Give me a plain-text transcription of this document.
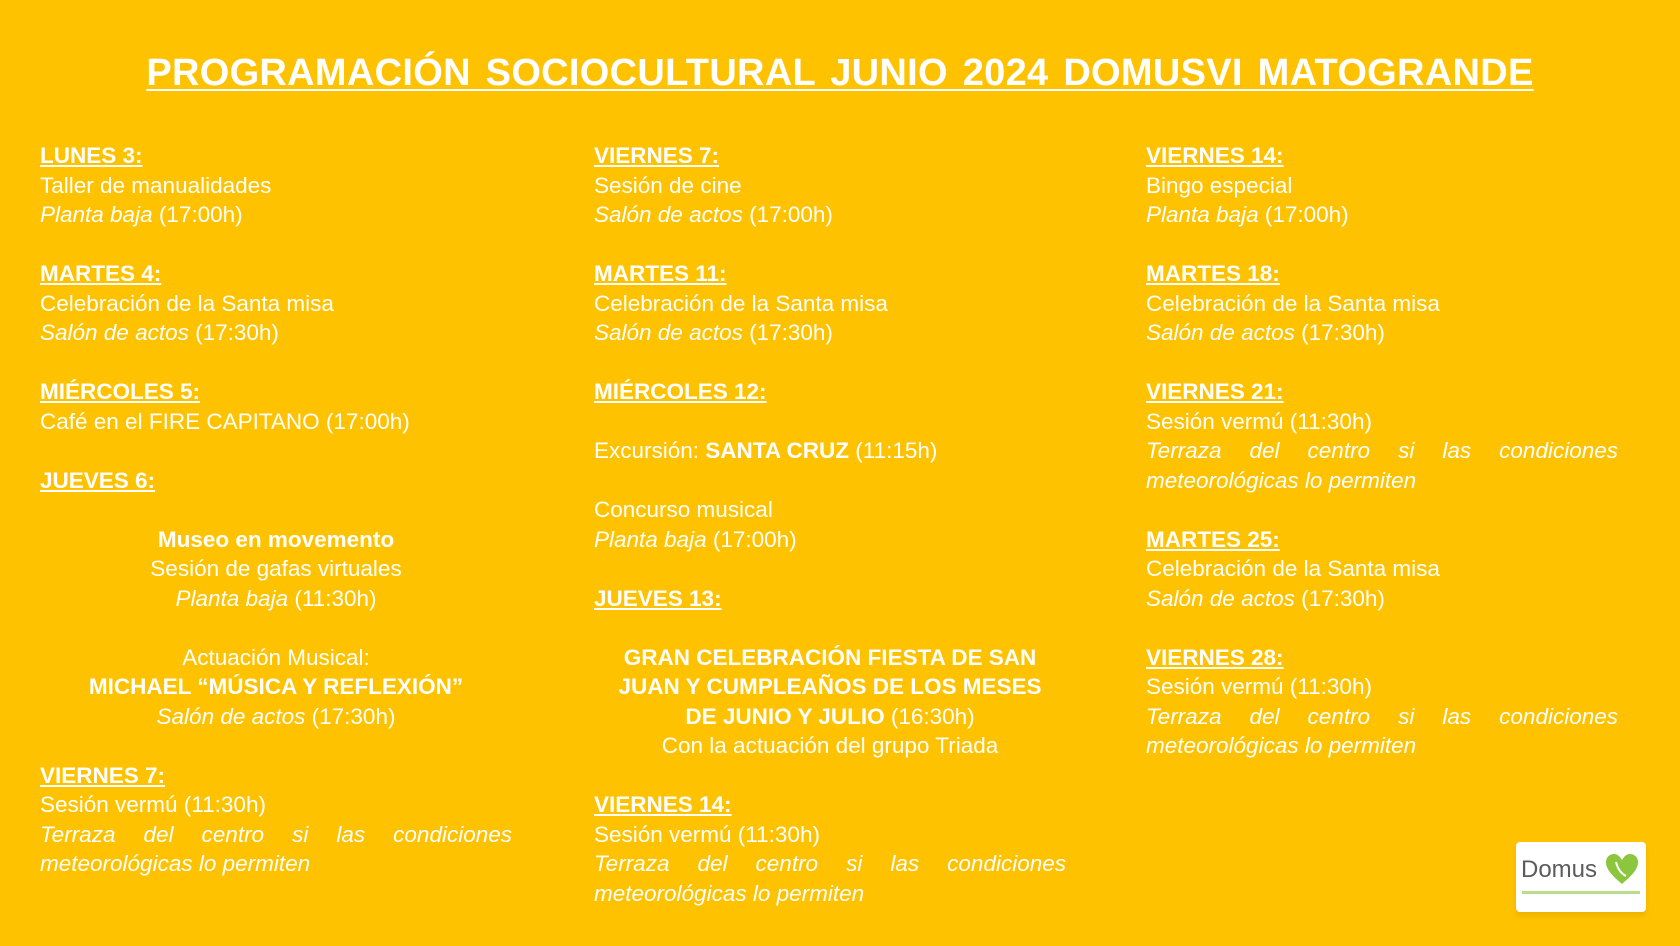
PROGRAMACIÓN SOCIOCULTURAL JUNIO 2024 DOMUSVI MATOGRANDE

LUNES 3:

Taller de manualidades

Planta baja (17:00h)

MARTES 4:

Celebración de la Santa misa

Salón de actos (17:30h)

MIÉRCOLES 5:

Café en el FIRE CAPITANO (17:00h)

JUEVES 6:

Museo en movemento

Sesión de gafas virtuales

Planta baja (11:30h)

Actuación Musical:

MICHAEL “MÚSICA Y REFLEXIÓN”

Salón de actos (17:30h)

VIERNES 7:

Sesión vermú (11:30h)

Terraza del centro si las condiciones

meteorológicas lo permiten

VIERNES 7:

Sesión de cine

Salón de actos (17:00h)

MARTES 11:

Celebración de la Santa misa

Salón de actos (17:30h)

MIÉRCOLES 12:

Excursión: SANTA CRUZ (11:15h)

Concurso musical

Planta baja (17:00h)

JUEVES 13:

GRAN CELEBRACIÓN FIESTA DE SAN

JUAN Y CUMPLEAÑOS DE LOS MESES

DE JUNIO Y JULIO (16:30h)

Con la actuación del grupo Triada

VIERNES 14:

Sesión vermú (11:30h)

Terraza del centro si las condiciones

meteorológicas lo permiten

VIERNES 14:

Bingo especial

Planta baja (17:00h)

MARTES 18:

Celebración de la Santa misa

Salón de actos (17:30h)

VIERNES 21:

Sesión vermú (11:30h)

Terraza del centro si las condiciones

meteorológicas lo permiten

MARTES 25:

Celebración de la Santa misa

Salón de actos (17:30h)

VIERNES 28:

Sesión vermú (11:30h)

Terraza del centro si las condiciones

meteorológicas lo permiten

Domus
